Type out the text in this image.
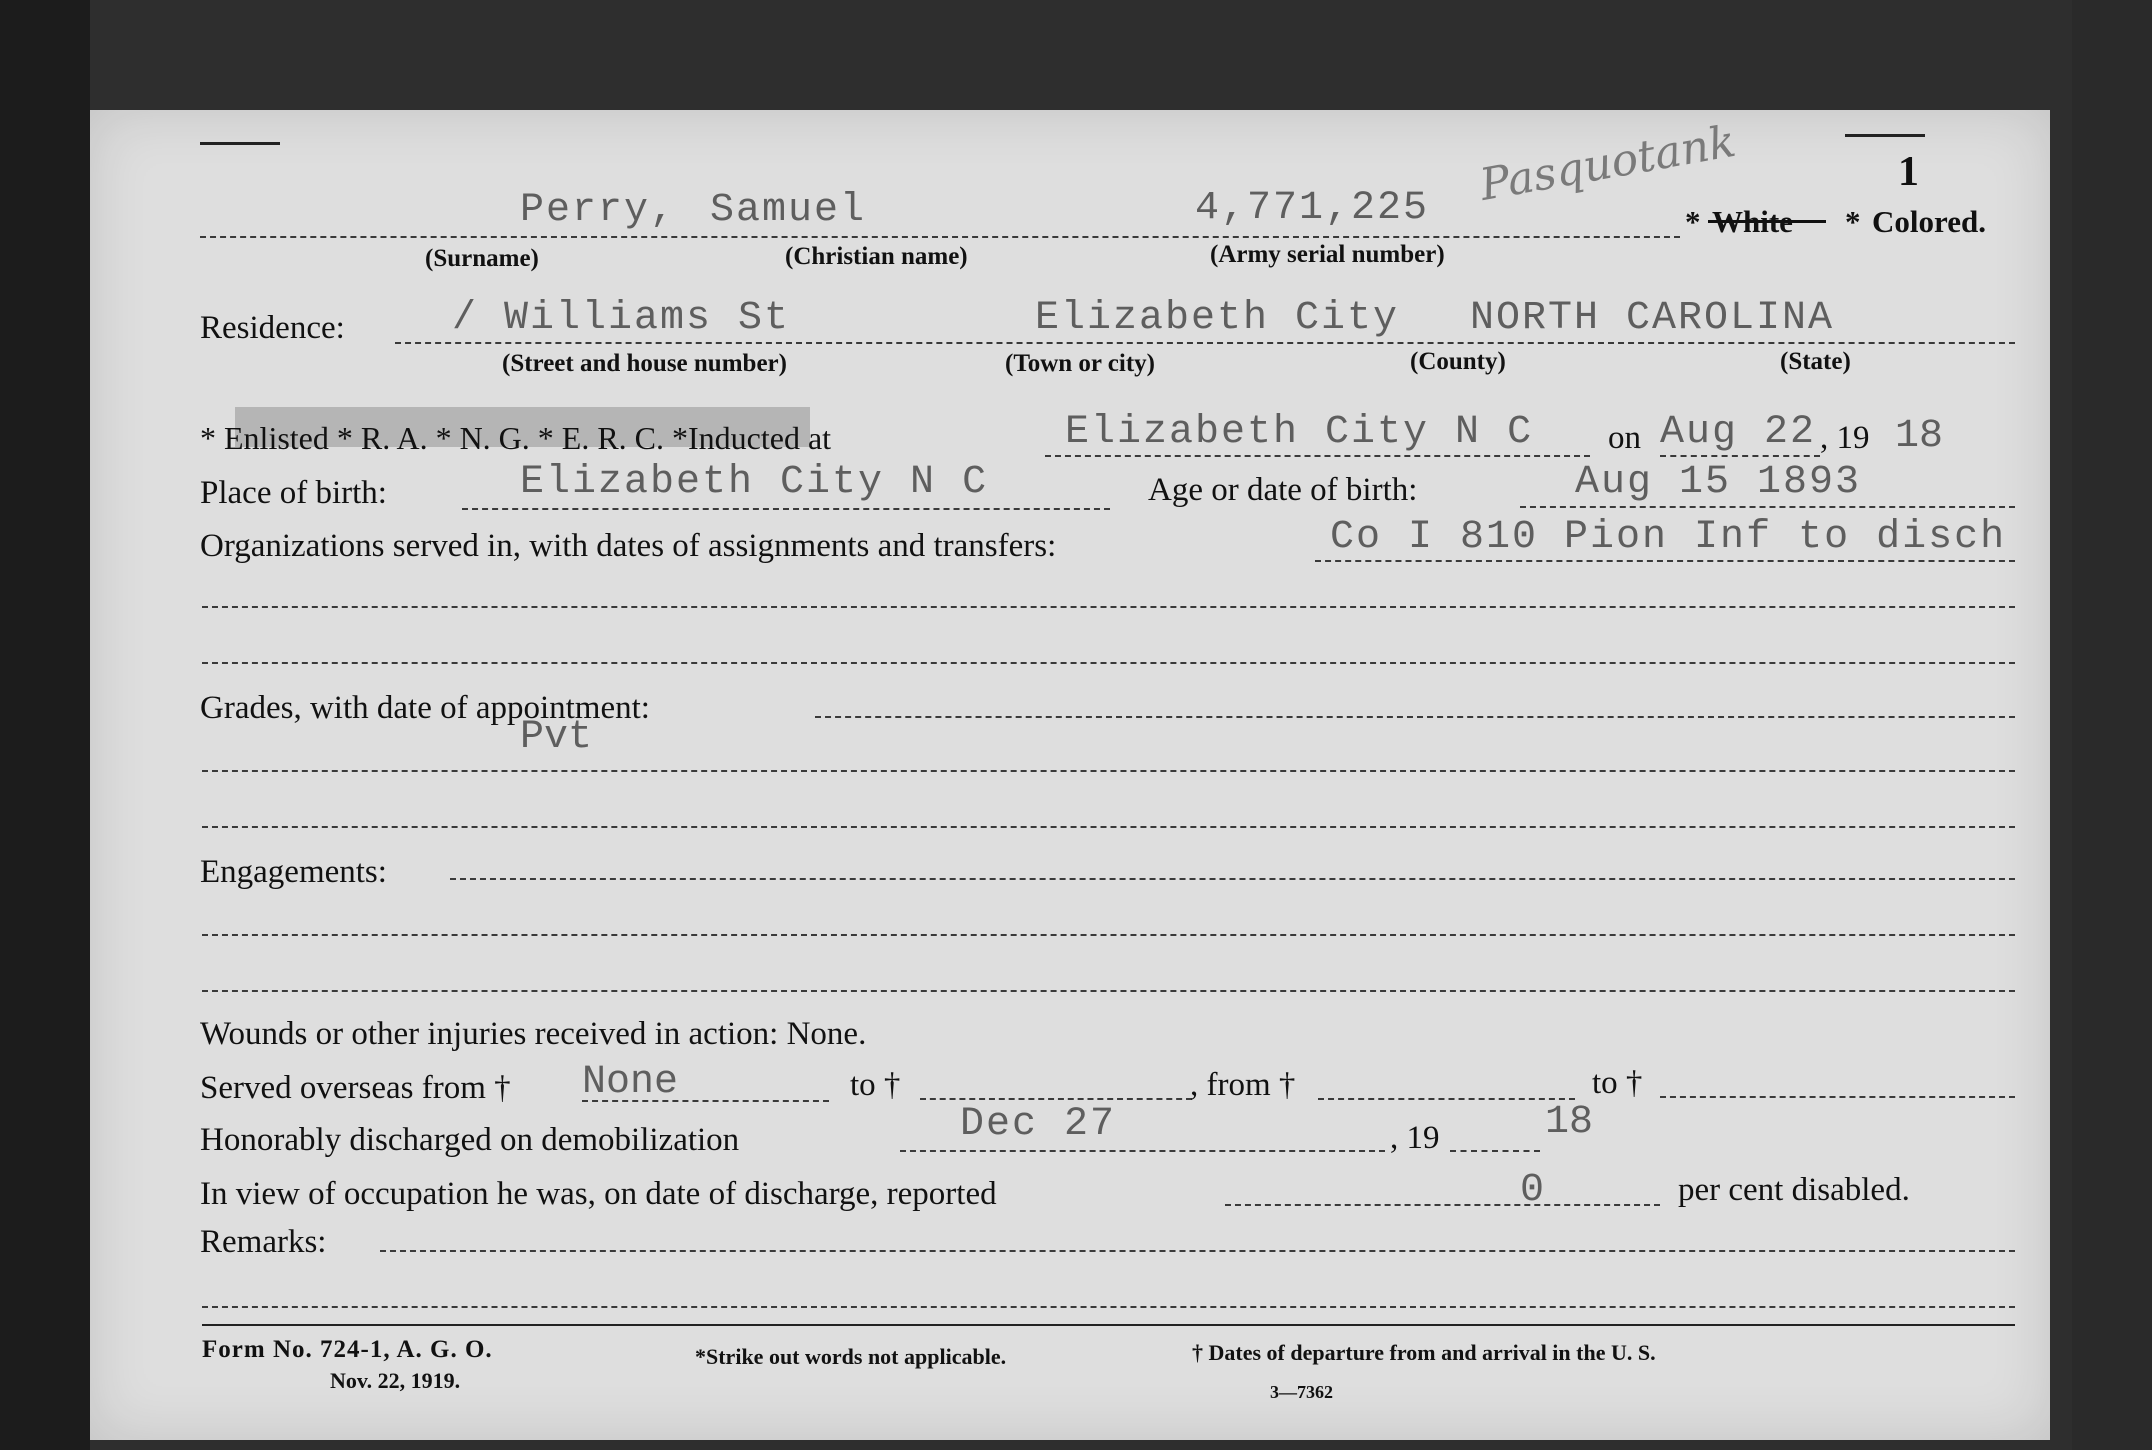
1
Perry, Samuel	4,771,225 Pasquotank
* White * Colored.
(Surname)	(Christian name)	(Army serial number)
Residence:	/ Williams St	Elizabeth City NORTH CAROLINA
(Street and house number)	(Town or city)	(County)	(State)
* Enlisted * R. A. * N. G. * E. R. C. *Inducted at	Elizabeth City N C on Aug 22 , 19 18
Place of birth:	Elizabeth City N C	Age or date of birth:	Aug 15 1893
Organizations served in, with dates of assignments and transfers:	Co I 810 Pion Inf to disch
Grades, with date of appointment:
Pvt
Engagements:
Wounds or other injuries received in action: None.
Served overseas from † None	to †	, from †	to †
Honorably discharged on demobilization	Dec 27	, 19	18
In view of occupation he was, on date of discharge, reported	0	per cent disabled.
Remarks:
Form No. 724-1, A. G. O.
Nov. 22, 1919.
*Strike out words not applicable.	† Dates of departure from and arrival in the U. S.
3—7362
